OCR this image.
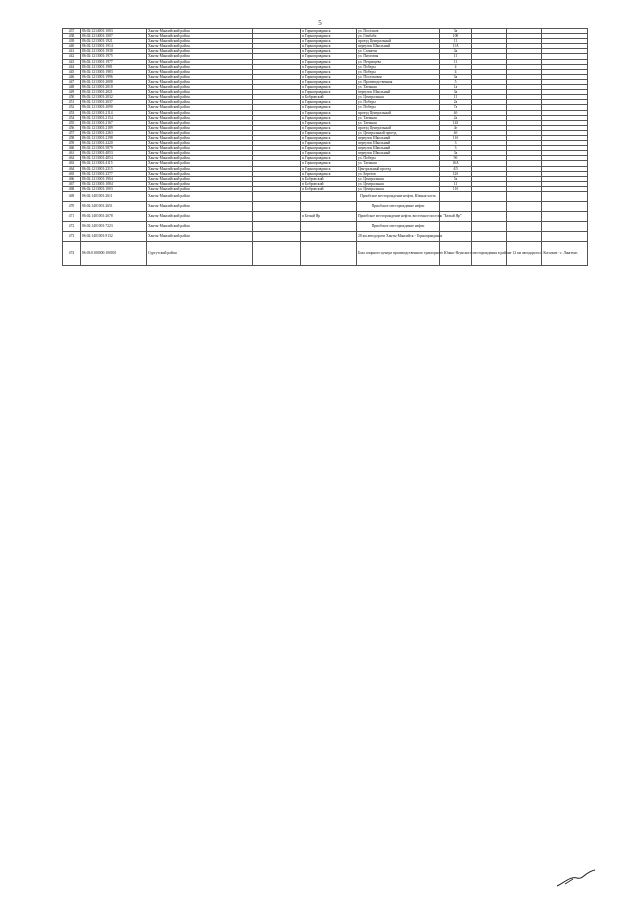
5
437	86:02:1214001:1003	Ханты-Мансийский район		п Горноправдинск	ул. Поселков	3а			
438	86:02:1214001:1007	Ханты-Мансийский район		п Горноправдинск	ул. Гамбаба	100			
439	86:02:1213001:1921	Ханты-Мансийский район		п Горноправдинск	проезд Центральный	11			
440	86:02:1213001:1914	Ханты-Мансийский район		п Горноправдинск	переулок Школьный	11А			
441	86:02:1213001:1938	Ханты-Мансийский район		п Горноправдинск	ул. Солнечн	3а			
442	86:02:1213001:1975	Ханты-Мансийский район		п Горноправдинск	ул. Пихтовая	11			
443	86:02:1213001:1977	Ханты-Мансийский район		п Горноправдинск	ул. Петрищева	11			
444	86:02:1213001:1981	Ханты-Мансийский район		п Горноправдинск	ул. Победы	4			
445	86:02:1213001:1983	Ханты-Мансийский район		п Горноправдинск	ул. Победы	4			
446	86:02:1213001:1996	Ханты-Мансийский район		п Горноправдинск	ул. Поселковая	3а			
447	86:02:1213001:2008	Ханты-Мансийский район		п Горноправдинск	ул. Производственная	5			
448	86:02:1213001:2010	Ханты-Мансийский район		п Горноправдинск	ул. Таежная	1а			
449	86:02:1213001:2021	Ханты-Мансийский район		п Горноправдинск	переулок Школьный	3а			
450	86:02:1213001:2032	Ханты-Мансийский район		п Бобровский	ул. Центральная	11			
451	86:02:1213001:2037	Ханты-Мансийский район		п Горноправдинск	ул. Победы	2а			
452	86:02:1213001:2090	Ханты-Мансийский район		п Горноправдинск	ул. Победы	7а			
453	86:02:1213001:2114	Ханты-Мансийский район		п Горноправдинск	проезд Центральный	4б			
454	86:02:1213001:2154	Ханты-Мансийский район		п Горноправдинск	ул. Таежная	2а			
455	86:02:1213001:2167	Ханты-Мансийский район		п Горноправдинск	ул. Таежная	143			
456	86:02:1213001:2189	Ханты-Мансийский район		п Горноправдинск	проезд Центральный	4г			
457	86:02:1213001:2263	Ханты-Мансийский район		п Горноправдинск	ул. Центральный проезд	4б			
458	86:02:1213001:2198	Ханты-Мансийский район		п Горноправдинск	переулок Школьный	11б			
459	86:02:1213001:2220	Ханты-Мансийский район		п Горноправдинск	переулок Школьный	3			
460	86:02:1213001:5879	Ханты-Мансийский район		п Горноправдинск	переулок Школьный	3			
461	86:02:1213001:4053	Ханты-Мансийский район		п Горноправдинск	переулок Школьный	3а			
462	86:02:1213001:4054	Ханты-Мансийский район		п Горноправдинск	ул. Победы	9б			
463	86:02:1213001:4115	Ханты-Мансийский район		п Горноправдинск	ул. Таежная	16А			
464	86:02:1213001:2315	Ханты-Мансийский район		п Горноправдинск	Центральный проезд	4/5			
465	86:02:1213001:2377	Ханты-Мансийский район		п Горноправдинск	ул. Березов	12б			
466	86:02:1213001:1904	Ханты-Мансийский район		п Бобровский	ул. Центральная	5а			
467	86:02:1213001:1084	Ханты-Мансийский район		п Бобровский	ул. Центральная	11			
468	86:02:1213001:1003	Ханты-Мансийский район		п Бобровский	ул. Центральная	11б			
469	86:02:1401001:2611	Ханты-Мансийский район			Приобское месторождение нефти, Южная часть				
470	86:02:1401001:2651	Ханты-Мансийский район			Приобское месторождение нефти				
471	86:02:1401001:2678	Ханты-Мансийский район		п Белый Яр	Приобское месторождение нефти, восточное поселок "Белый Яр"				
472	86:02:1401001:7223	Ханты-Мансийский район			Приобское месторождение нефти				
473	86:02:1401001:9132	Ханты-Мансийский район			28 км автодороги Ханты-Мансийск - Горноправдинск				
474	86:03:0100000:100001	Сургутский район			База опорного центра производственного тракторного Южно-Ягунского месторождения в районе 12 км автодороги г. Когалым - г. Лангепас				
